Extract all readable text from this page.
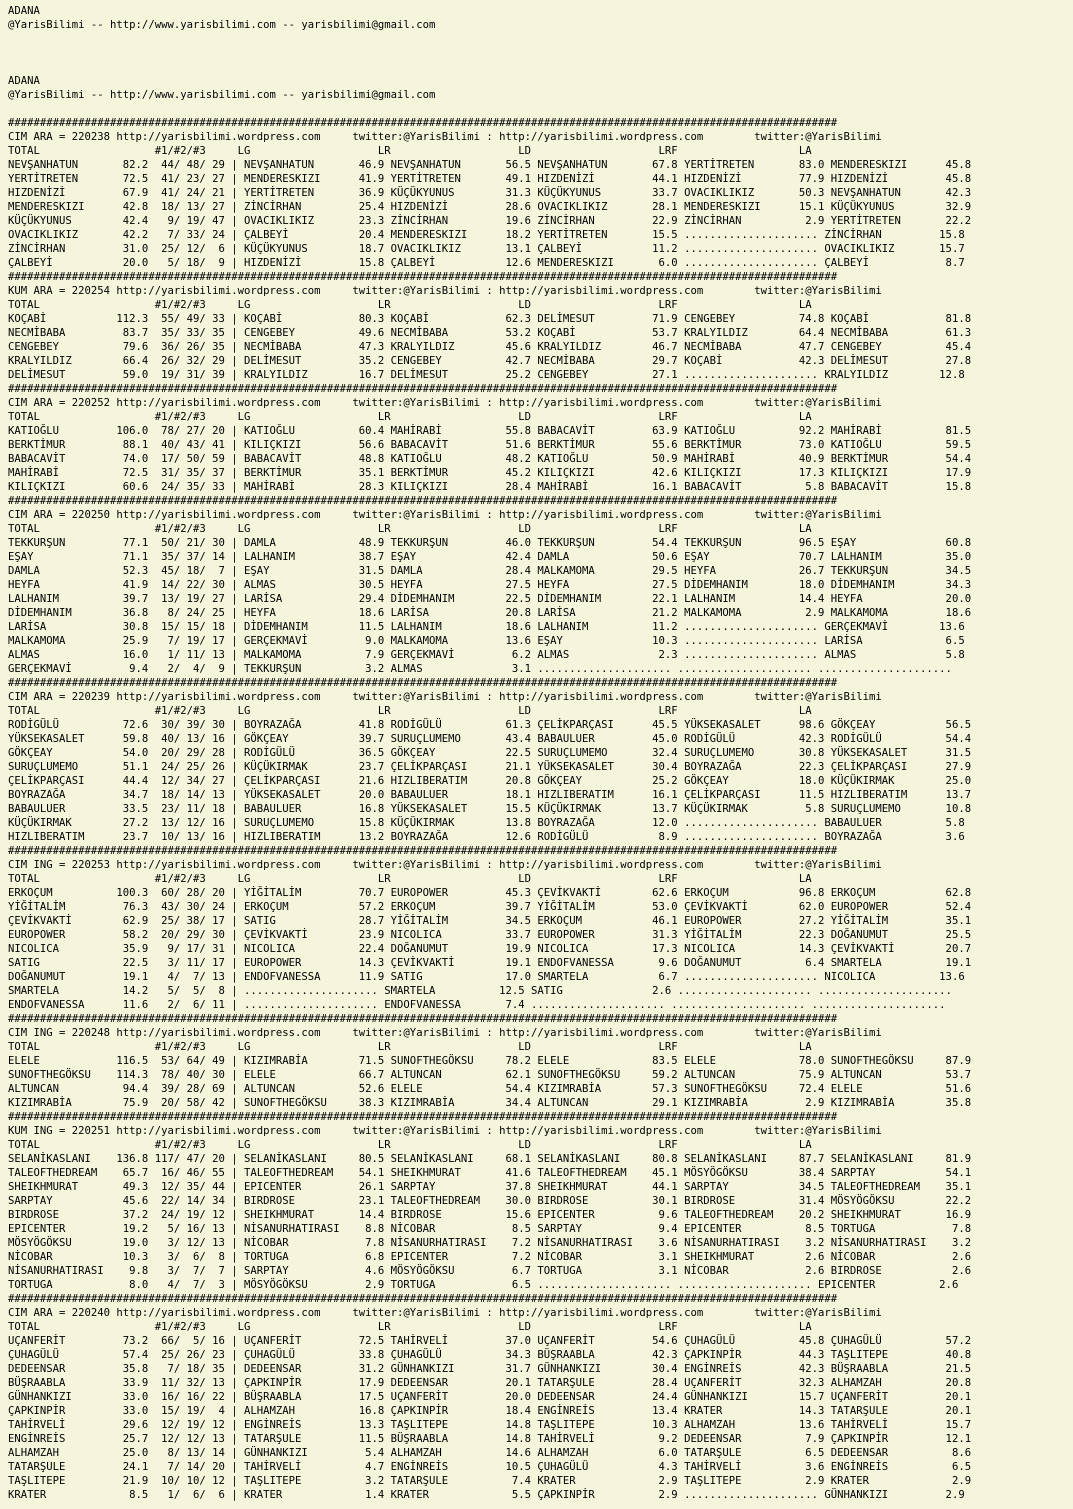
ADANA
@YarisBilimi -- http://www.yarisbilimi.com -- yarisbilimi@gmail.com

ADANA
@YarisBilimi -- http://www.yarisbilimi.com -- yarisbilimi@gmail.com

##################################################################################################################################
CIM ARA = 220238 http://yarisbilimi.wordpress.com     twitter:@YarisBilimi : http://yarisbilimi.wordpress.com        twitter:@YarisBilimi
TOTAL                  #1/#2/#3     LG                    LR                    LD                    LRF                   LA
NEVŞANHATUN       82.2  44/ 48/ 29 | NEVŞANHATUN       46.9 NEVŞANHATUN       56.5 NEVŞANHATUN       67.8 YERTİTRETEN       83.0 MENDERESKIZI      45.8
YERTİTRETEN       72.5  41/ 23/ 27 | MENDERESKIZI      41.9 YERTİTRETEN       49.1 HIZDENİZİ         44.1 HIZDENİZİ         77.9 HIZDENİZİ         45.8
HIZDENİZİ         67.9  41/ 24/ 21 | YERTİTRETEN       36.9 KÜÇÜKYUNUS        31.3 KÜÇÜKYUNUS        33.7 OVACIKLIKIZ       50.3 NEVŞANHATUN       42.3
MENDERESKIZI      42.8  18/ 13/ 27 | ZİNCİRHAN         25.4 HIZDENİZİ         28.6 OVACIKLIKIZ       28.1 MENDERESKIZI      15.1 KÜÇÜKYUNUS        32.9
KÜÇÜKYUNUS        42.4   9/ 19/ 47 | OVACIKLIKIZ       23.3 ZİNCİRHAN         19.6 ZİNCİRHAN         22.9 ZİNCİRHAN          2.9 YERTİTRETEN       22.2
OVACIKLIKIZ       42.2   7/ 33/ 24 | ÇALBEYİ           20.4 MENDERESKIZI      18.2 YERTİTRETEN       15.5 ..................... ZİNCİRHAN         15.8
ZİNCİRHAN         31.0  25/ 12/  6 | KÜÇÜKYUNUS        18.7 OVACIKLIKIZ       13.1 ÇALBEYİ           11.2 ..................... OVACIKLIKIZ       15.7
ÇALBEYİ           20.0   5/ 18/  9 | HIZDENİZİ         15.8 ÇALBEYİ           12.6 MENDERESKIZI       6.0 ..................... ÇALBEYİ            8.7
##################################################################################################################################
KUM ARA = 220254 http://yarisbilimi.wordpress.com     twitter:@YarisBilimi : http://yarisbilimi.wordpress.com        twitter:@YarisBilimi
TOTAL                  #1/#2/#3     LG                    LR                    LD                    LRF                   LA
KOÇABİ           112.3  55/ 49/ 33 | KOÇABİ            80.3 KOÇABİ            62.3 DELİMESUT         71.9 CENGEBEY          74.8 KOÇABİ            81.8
NECMİBABA         83.7  35/ 33/ 35 | CENGEBEY          49.6 NECMİBABA         53.2 KOÇABİ            53.7 KRALYILDIZ        64.4 NECMİBABA         61.3
CENGEBEY          79.6  36/ 26/ 35 | NECMİBABA         47.3 KRALYILDIZ        45.6 KRALYILDIZ        46.7 NECMİBABA         47.7 CENGEBEY          45.4
KRALYILDIZ        66.4  26/ 32/ 29 | DELİMESUT         35.2 CENGEBEY          42.7 NECMİBABA         29.7 KOÇABİ            42.3 DELİMESUT         27.8
DELİMESUT         59.0  19/ 31/ 39 | KRALYILDIZ        16.7 DELİMESUT         25.2 CENGEBEY          27.1 ..................... KRALYILDIZ        12.8
##################################################################################################################################
CIM ARA = 220252 http://yarisbilimi.wordpress.com     twitter:@YarisBilimi : http://yarisbilimi.wordpress.com        twitter:@YarisBilimi
TOTAL                  #1/#2/#3     LG                    LR                    LD                    LRF                   LA
KATIOĞLU         106.0  78/ 27/ 20 | KATIOĞLU          60.4 MAHİRABİ          55.8 BABACAVİT         63.9 KATIOĞLU          92.2 MAHİRABİ          81.5
BERKTİMUR         88.1  40/ 43/ 41 | KILIÇKIZI         56.6 BABACAVİT         51.6 BERKTİMUR         55.6 BERKTİMUR         73.0 KATIOĞLU          59.5
BABACAVİT         74.0  17/ 50/ 59 | BABACAVİT         48.8 KATIOĞLU          48.2 KATIOĞLU          50.9 MAHİRABİ          40.9 BERKTİMUR         54.4
MAHİRABİ          72.5  31/ 35/ 37 | BERKTİMUR         35.1 BERKTİMUR         45.2 KILIÇKIZI         42.6 KILIÇKIZI         17.3 KILIÇKIZI         17.9
KILIÇKIZI         60.6  24/ 35/ 33 | MAHİRABİ          28.3 KILIÇKIZI         28.4 MAHİRABİ          16.1 BABACAVİT          5.8 BABACAVİT         15.8
##################################################################################################################################
CIM ARA = 220250 http://yarisbilimi.wordpress.com     twitter:@YarisBilimi : http://yarisbilimi.wordpress.com        twitter:@YarisBilimi
TOTAL                  #1/#2/#3     LG                    LR                    LD                    LRF                   LA
TEKKURŞUN         77.1  50/ 21/ 30 | DAMLA             48.9 TEKKURŞUN         46.0 TEKKURŞUN         54.4 TEKKURŞUN         96.5 EŞAY              60.8
EŞAY              71.1  35/ 37/ 14 | LALHANIM          38.7 EŞAY              42.4 DAMLA             50.6 EŞAY              70.7 LALHANIM          35.0
DAMLA             52.3  45/ 18/  7 | EŞAY              31.5 DAMLA             28.4 MALKAMOMA         29.5 HEYFA             26.7 TEKKURŞUN         34.5
HEYFA             41.9  14/ 22/ 30 | ALMAS             30.5 HEYFA             27.5 HEYFA             27.5 DİDEMHANIM        18.0 DİDEMHANIM        34.3
LALHANIM          39.7  13/ 19/ 27 | LARİSA            29.4 DİDEMHANIM        22.5 DİDEMHANIM        22.1 LALHANIM          14.4 HEYFA             20.0
DİDEMHANIM        36.8   8/ 24/ 25 | HEYFA             18.6 LARİSA            20.8 LARİSA            21.2 MALKAMOMA          2.9 MALKAMOMA         18.6
LARİSA            30.8  15/ 15/ 18 | DİDEMHANIM        11.5 LALHANIM          18.6 LALHANIM          11.2 ..................... GERÇEKMAVİ        13.6
MALKAMOMA         25.9   7/ 19/ 17 | GERÇEKMAVİ         9.0 MALKAMOMA         13.6 EŞAY              10.3 ..................... LARİSA             6.5
ALMAS             16.0   1/ 11/ 13 | MALKAMOMA          7.9 GERÇEKMAVİ         6.2 ALMAS              2.3 ..................... ALMAS              5.8
GERÇEKMAVİ         9.4   2/  4/  9 | TEKKURŞUN          3.2 ALMAS              3.1 ..................... ..................... .....................
##################################################################################################################################
CIM ARA = 220239 http://yarisbilimi.wordpress.com     twitter:@YarisBilimi : http://yarisbilimi.wordpress.com        twitter:@YarisBilimi
TOTAL                  #1/#2/#3     LG                    LR                    LD                    LRF                   LA
RODİGÜLÜ          72.6  30/ 39/ 30 | BOYRAZAĞA         41.8 RODİGÜLÜ          61.3 ÇELİKPARÇASI      45.5 YÜKSEKASALET      98.6 GÖKÇEAY           56.5
YÜKSEKASALET      59.8  40/ 13/ 16 | GÖKÇEAY           39.7 SURUÇLUMEMO       43.4 BABAULUER         45.0 RODİGÜLÜ          42.3 RODİGÜLÜ          54.4
GÖKÇEAY           54.0  20/ 29/ 28 | RODİGÜLÜ          36.5 GÖKÇEAY           22.5 SURUÇLUMEMO       32.4 SURUÇLUMEMO       30.8 YÜKSEKASALET      31.5
SURUÇLUMEMO       51.1  24/ 25/ 26 | KÜÇÜKIRMAK        23.7 ÇELİKPARÇASI      21.1 YÜKSEKASALET      30.4 BOYRAZAĞA         22.3 ÇELİKPARÇASI      27.9
ÇELİKPARÇASI      44.4  12/ 34/ 27 | ÇELİKPARÇASI      21.6 HIZLIBERATIM      20.8 GÖKÇEAY           25.2 GÖKÇEAY           18.0 KÜÇÜKIRMAK        25.0
BOYRAZAĞA         34.7  18/ 14/ 13 | YÜKSEKASALET      20.0 BABAULUER         18.1 HIZLIBERATIM      16.1 ÇELİKPARÇASI      11.5 HIZLIBERATIM      13.7
BABAULUER         33.5  23/ 11/ 18 | BABAULUER         16.8 YÜKSEKASALET      15.5 KÜÇÜKIRMAK        13.7 KÜÇÜKIRMAK         5.8 SURUÇLUMEMO       10.8
KÜÇÜKIRMAK        27.2  13/ 12/ 16 | SURUÇLUMEMO       15.8 KÜÇÜKIRMAK        13.8 BOYRAZAĞA         12.0 ..................... BABAULUER          5.8
HIZLIBERATIM      23.7  10/ 13/ 16 | HIZLIBERATIM      13.2 BOYRAZAĞA         12.6 RODİGÜLÜ           8.9 ..................... BOYRAZAĞA          3.6
##################################################################################################################################
CIM ING = 220253 http://yarisbilimi.wordpress.com     twitter:@YarisBilimi : http://yarisbilimi.wordpress.com        twitter:@YarisBilimi
TOTAL                  #1/#2/#3     LG                    LR                    LD                    LRF                   LA
ERKOÇUM          100.3  60/ 28/ 20 | YİĞİTALİM         70.7 EUROPOWER         45.3 ÇEVİKVAKTİ        62.6 ERKOÇUM           96.8 ERKOÇUM           62.8
YİĞİTALİM         76.3  43/ 30/ 24 | ERKOÇUM           57.2 ERKOÇUM           39.7 YİĞİTALİM         53.0 ÇEVİKVAKTİ        62.0 EUROPOWER         52.4
ÇEVİKVAKTİ        62.9  25/ 38/ 17 | SATIG             28.7 YİĞİTALİM         34.5 ERKOÇUM           46.1 EUROPOWER         27.2 YİĞİTALİM         35.1
EUROPOWER         58.2  20/ 29/ 30 | ÇEVİKVAKTİ        23.9 NICOLICA          33.7 EUROPOWER         31.3 YİĞİTALİM         22.3 DOĞANUMUT         25.5
NICOLICA          35.9   9/ 17/ 31 | NICOLICA          22.4 DOĞANUMUT         19.9 NICOLICA          17.3 NICOLICA          14.3 ÇEVİKVAKTİ        20.7
SATIG             22.5   3/ 11/ 17 | EUROPOWER         14.3 ÇEVİKVAKTİ        19.1 ENDOFVANESSA       9.6 DOĞANUMUT          6.4 SMARTELA          19.1
DOĞANUMUT         19.1   4/  7/ 13 | ENDOFVANESSA      11.9 SATIG             17.0 SMARTELA           6.7 ..................... NICOLICA          13.6
SMARTELA          14.2   5/  5/  8 | ..................... SMARTELA          12.5 SATIG              2.6 ..................... .....................
ENDOFVANESSA      11.6   2/  6/ 11 | ..................... ENDOFVANESSA       7.4 ..................... ..................... .....................
##################################################################################################################################
CIM ING = 220248 http://yarisbilimi.wordpress.com     twitter:@YarisBilimi : http://yarisbilimi.wordpress.com        twitter:@YarisBilimi
TOTAL                  #1/#2/#3     LG                    LR                    LD                    LRF                   LA
ELELE            116.5  53/ 64/ 49 | KIZIMRABİA        71.5 SUNOFTHEGÖKSU     78.2 ELELE             83.5 ELELE             78.0 SUNOFTHEGÖKSU     87.9
SUNOFTHEGÖKSU    114.3  78/ 40/ 30 | ELELE             66.7 ALTUNCAN          62.1 SUNOFTHEGÖKSU     59.2 ALTUNCAN          75.9 ALTUNCAN          53.7
ALTUNCAN          94.4  39/ 28/ 69 | ALTUNCAN          52.6 ELELE             54.4 KIZIMRABİA        57.3 SUNOFTHEGÖKSU     72.4 ELELE             51.6
KIZIMRABİA        75.9  20/ 58/ 42 | SUNOFTHEGÖKSU     38.3 KIZIMRABİA        34.4 ALTUNCAN          29.1 KIZIMRABİA         2.9 KIZIMRABİA        35.8
##################################################################################################################################
KUM ING = 220251 http://yarisbilimi.wordpress.com     twitter:@YarisBilimi : http://yarisbilimi.wordpress.com        twitter:@YarisBilimi
TOTAL                  #1/#2/#3     LG                    LR                    LD                    LRF                   LA
SELANİKASLANI    136.8 117/ 47/ 20 | SELANİKASLANI     80.5 SELANİKASLANI     68.1 SELANİKASLANI     80.8 SELANİKASLANI     87.7 SELANİKASLANI     81.9
TALEOFTHEDREAM    65.7  16/ 46/ 55 | TALEOFTHEDREAM    54.1 SHEIKHMURAT       41.6 TALEOFTHEDREAM    45.1 MÖSYÖGÖKSU        38.4 SARPTAY           54.1
SHEIKHMURAT       49.3  12/ 35/ 44 | EPICENTER         26.1 SARPTAY           37.8 SHEIKHMURAT       44.1 SARPTAY           34.5 TALEOFTHEDREAM    35.1
SARPTAY           45.6  22/ 14/ 34 | BIRDROSE          23.1 TALEOFTHEDREAM    30.0 BIRDROSE          30.1 BIRDROSE          31.4 MÖSYÖGÖKSU        22.2
BIRDROSE          37.2  24/ 19/ 12 | SHEIKHMURAT       14.4 BIRDROSE          15.6 EPICENTER          9.6 TALEOFTHEDREAM    20.2 SHEIKHMURAT       16.9
EPICENTER         19.2   5/ 16/ 13 | NİSANURHATIRASI    8.8 NİCOBAR            8.5 SARPTAY            9.4 EPICENTER          8.5 TORTUGA            7.8
MÖSYÖGÖKSU        19.0   3/ 12/ 13 | NİCOBAR            7.8 NİSANURHATIRASI    7.2 NİSANURHATIRASI    3.6 NİSANURHATIRASI    3.2 NİSANURHATIRASI    3.2
NİCOBAR           10.3   3/  6/  8 | TORTUGA            6.8 EPICENTER          7.2 NİCOBAR            3.1 SHEIKHMURAT        2.6 NİCOBAR            2.6
NİSANURHATIRASI    9.8   3/  7/  7 | SARPTAY            4.6 MÖSYÖGÖKSU         6.7 TORTUGA            3.1 NİCOBAR            2.6 BIRDROSE           2.6
TORTUGA            8.0   4/  7/  3 | MÖSYÖGÖKSU         2.9 TORTUGA            6.5 ..................... ..................... EPICENTER          2.6
##################################################################################################################################
CIM ARA = 220240 http://yarisbilimi.wordpress.com     twitter:@YarisBilimi : http://yarisbilimi.wordpress.com        twitter:@YarisBilimi
TOTAL                  #1/#2/#3     LG                    LR                    LD                    LRF                   LA
UÇANFERİT         73.2  66/  5/ 16 | UÇANFERİT         72.5 TAHİRVELİ         37.0 UÇANFERİT         54.6 ÇUHAGÜLÜ          45.8 ÇUHAGÜLÜ          57.2
ÇUHAGÜLÜ          57.4  25/ 26/ 23 | ÇUHAGÜLÜ          33.8 ÇUHAGÜLÜ          34.3 BÜŞRAABLA         42.3 ÇAPKINPİR         44.3 TAŞLITEPE         40.8
DEDEENSAR         35.8   7/ 18/ 35 | DEDEENSAR         31.2 GÜNHANKIZI        31.7 GÜNHANKIZI        30.4 ENGİNREİS         42.3 BÜŞRAABLA         21.5
BÜŞRAABLA         33.9  11/ 32/ 13 | ÇAPKINPİR         17.9 DEDEENSAR         20.1 TATARŞULE         28.4 UÇANFERİT         32.3 ALHAMZAH          20.8
GÜNHANKIZI        33.0  16/ 16/ 22 | BÜŞRAABLA         17.5 UÇANFERİT         20.0 DEDEENSAR         24.4 GÜNHANKIZI        15.7 UÇANFERİT         20.1
ÇAPKINPİR         33.0  15/ 19/  4 | ALHAMZAH          16.8 ÇAPKINPİR         18.4 ENGİNREİS         13.4 KRATER            14.3 TATARŞULE         20.1
TAHİRVELİ         29.6  12/ 19/ 12 | ENGİNREİS         13.3 TAŞLITEPE         14.8 TAŞLITEPE         10.3 ALHAMZAH          13.6 TAHİRVELİ         15.7
ENGİNREİS         25.7  12/ 12/ 13 | TATARŞULE         11.5 BÜŞRAABLA         14.8 TAHİRVELİ          9.2 DEDEENSAR          7.9 ÇAPKINPİR         12.1
ALHAMZAH          25.0   8/ 13/ 14 | GÜNHANKIZI         5.4 ALHAMZAH          14.6 ALHAMZAH           6.0 TATARŞULE          6.5 DEDEENSAR          8.6
TATARŞULE         24.1   7/ 14/ 20 | TAHİRVELİ          4.7 ENGİNREİS         10.5 ÇUHAGÜLÜ           4.3 TAHİRVELİ          3.6 ENGİNREİS          6.5
TAŞLITEPE         21.9  10/ 10/ 12 | TAŞLITEPE          3.2 TATARŞULE          7.4 KRATER             2.9 TAŞLITEPE          2.9 KRATER             2.9
KRATER             8.5   1/  6/  6 | KRATER             1.4 KRATER             5.5 ÇAPKINPİR          2.9 ..................... GÜNHANKIZI         2.9
